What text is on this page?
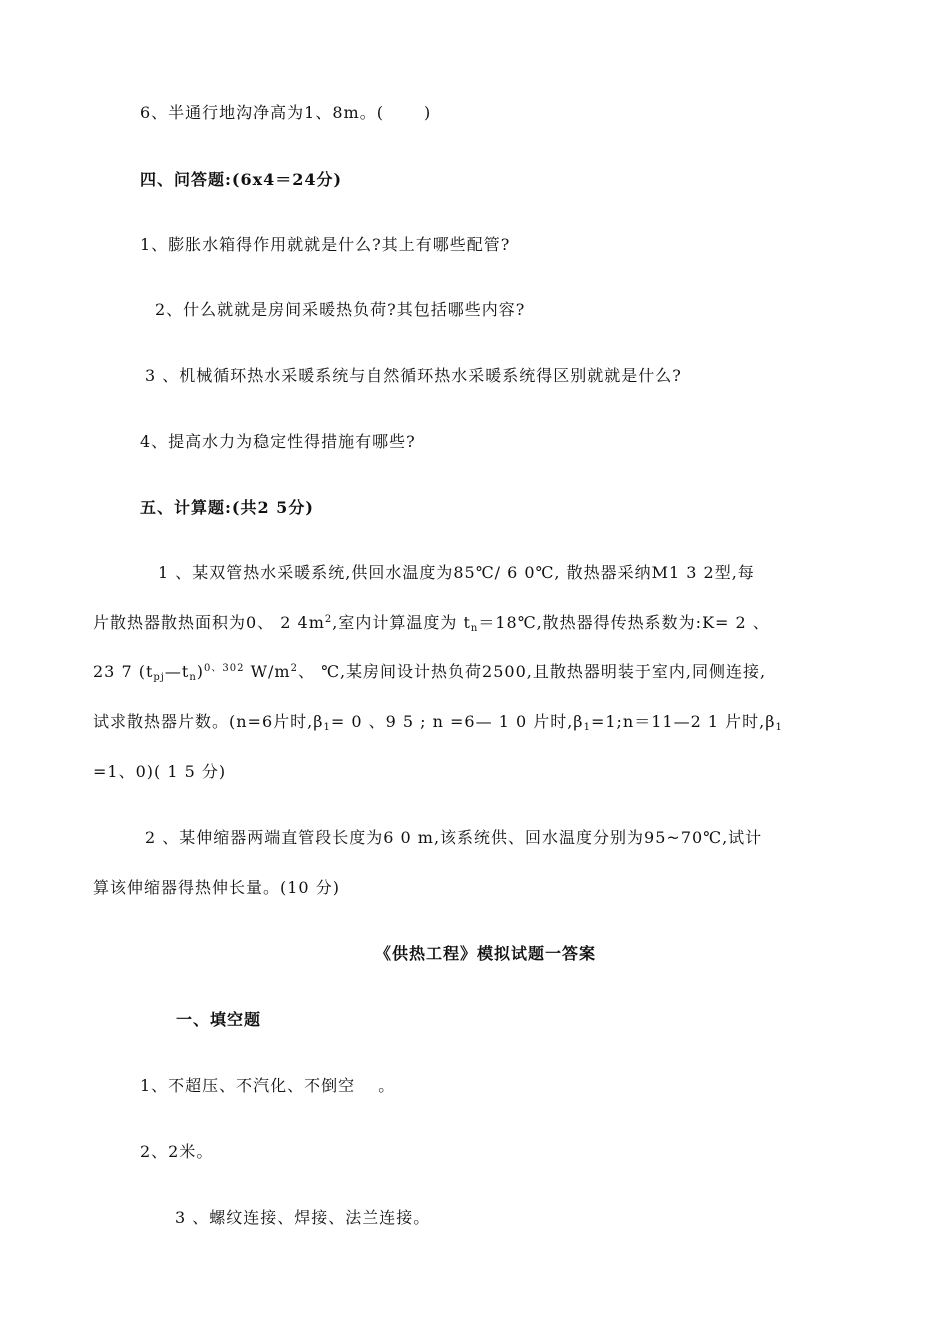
6、半通行地沟净高为1、8m。(　　 )
四、问答题:(6x4＝24分)
1、膨胀水箱得作用就就是什么?其上有哪些配管?
2、什么就就是房间采暖热负荷?其包括哪些内容?
3 、机械循环热水采暖系统与自然循环热水采暖系统得区别就就是什么?
4、提高水力为稳定性得措施有哪些?
五、计算题:(共2 5分)
1 、某双管热水采暖系统,供回水温度为85℃/ 6 0℃, 散热器采纳M1 3 2型,每
片散热器散热面积为0、 2 $4m^2$,室内计算温度为 $t_n=18℃$,散热器得传热系数为:K= 2 、
23 7 $(t_{pj}—t_n)^{0、302}$ $W/m^2$、 ℃,某房间设计热负荷2500,且散热器明装于室内,同侧连接,
试求散热器片数。(n=6片时$,\beta_1= 0$ 、9 5 ; n =6— 1 0 片时$,\beta_1=1;n=11—2$ 1 片时$,\beta_1$
=1、0)( 1 5 分)
2 、某伸缩器两端直管段长度为6 0 m,该系统供、回水温度分别为95~70℃,试计
算该伸缩器得热伸长量。(10 分)
《供热工程》模拟试题一答案
一、填空题
1、不超压、不汽化、不倒空 　。
2、2米。
3 、螺纹连接、焊接、法兰连接。
